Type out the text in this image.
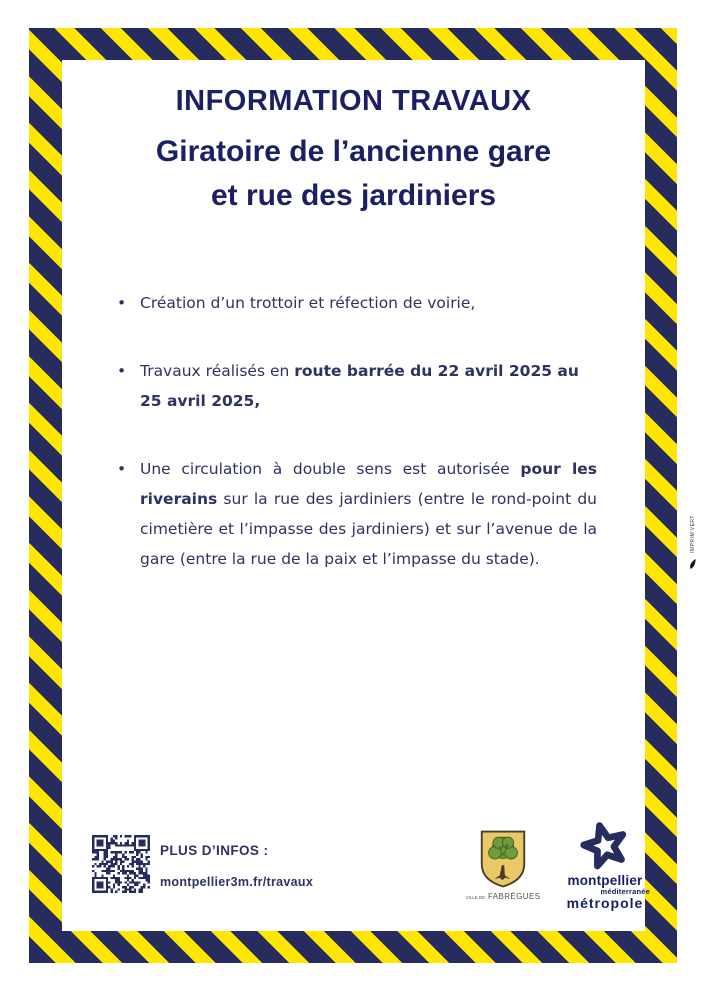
INFORMATION TRAVAUX
Giratoire de l’ancienne gare
et rue des jardiniers
• Création d’un trottoir et réfection de voirie,
• Travaux réalisés en route barrée du 22 avril 2025 au 25 avril 2025,
• Une circulation à double sens est autorisée pour les riverains sur la rue des jardiniers (entre le rond-point du cimetière et l’impasse des jardiniers) et sur l’avenue de la gare (entre la rue de la paix et l’impasse du stade).
PLUS D’INFOS :
montpellier3m.fr/travaux
VILLE DE FABRÈGUES
montpellier
méditerranée
métropole
IMPRIM’VERT
